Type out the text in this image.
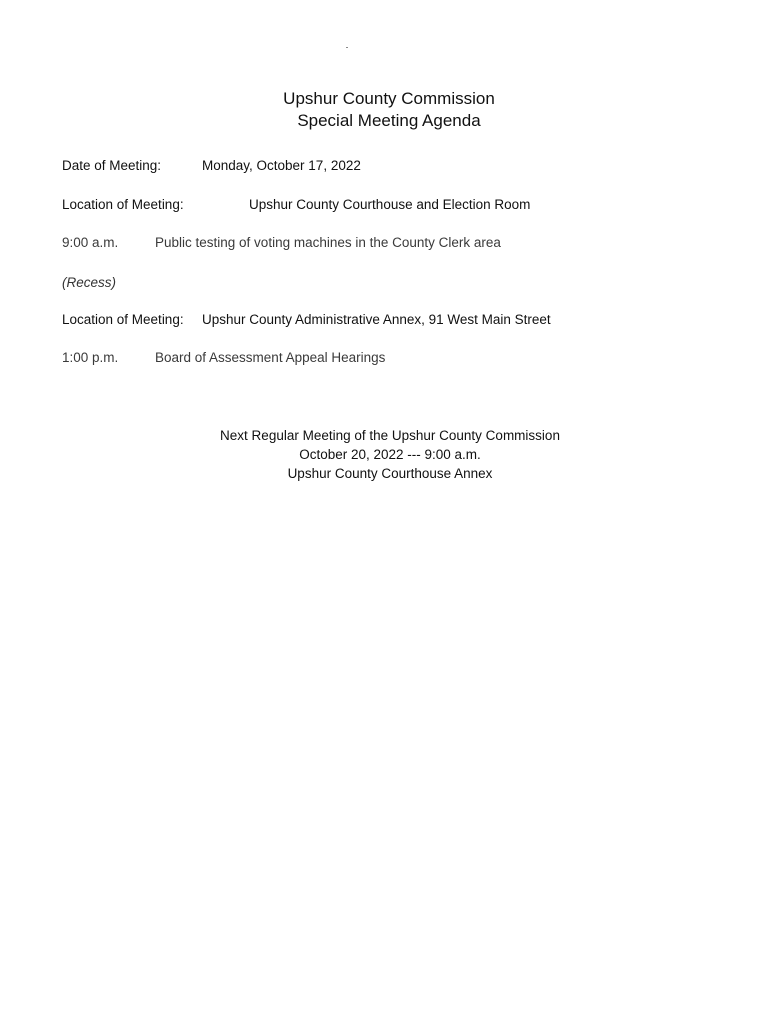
Upshur County Commission
Special Meeting Agenda
Date of Meeting:	Monday, October 17, 2022
Location of Meeting:	Upshur County Courthouse and Election Room
9:00 a.m.	Public testing of voting machines in the County Clerk area
(Recess)
Location of Meeting: Upshur County Administrative Annex, 91 West Main Street
1:00 p.m.	Board of Assessment Appeal Hearings
Next Regular Meeting of the Upshur County Commission
October 20, 2022 --- 9:00 a.m.
Upshur County Courthouse Annex
